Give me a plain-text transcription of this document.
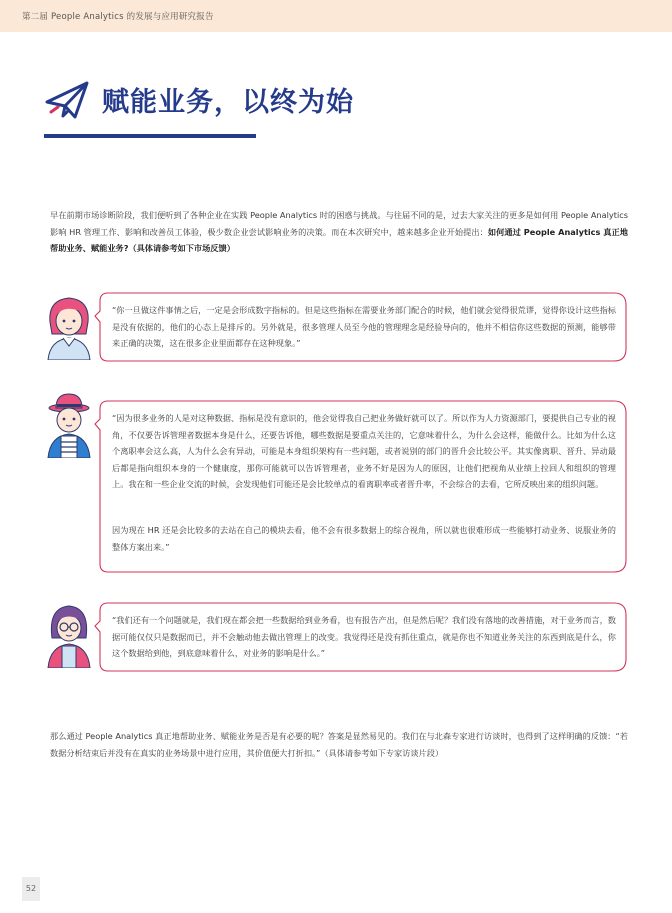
第二届 People Analytics 的发展与应用研究报告
赋能业务，以终为始
早在前期市场诊断阶段，我们便听到了各种企业在实践 People Analytics 时的困惑与挑战。与往届不同的是，过去大家关注的更多是如何用 People Analytics 影响 HR 管理工作、影响和改善员工体验，极少数企业尝试影响业务的决策。而在本次研究中，越来越多企业开始提出：如何通过 People Analytics 真正地帮助业务、赋能业务?（具体请参考如下市场反馈）
“你一旦做这件事情之后，一定是会形成数字指标的。但是这些指标在需要业务部门配合的时候，他们就会觉得很荒谬，觉得你设计这些指标是没有依据的，他们的心态上是排斥的。另外就是，很多管理人员至今他的管理理念是经验导向的，他并不相信你这些数据的预测，能够带来正确的决策，这在很多企业里面都存在这种现象。”
“因为很多业务的人是对这种数据、指标是没有意识的，他会觉得我自己把业务做好就可以了。所以作为人力资源部门，要提供自己专业的视角，不仅要告诉管理者数据本身是什么，还要告诉他，哪些数据是要重点关注的，它意味着什么，为什么会这样，能做什么。比如为什么这个离职率会这么高，人为什么会有异动，可能是本身组织架构有一些问题，或者说别的部门的晋升会比较公平。其实像离职、晋升、异动最后都是指向组织本身的一个健康度，那你可能就可以告诉管理者，业务不好是因为人的原因，让他们把视角从业绩上拉回人和组织的管理上。我在和一些企业交流的时候，会发现他们可能还是会比较单点的看离职率或者晋升率，不会综合的去看，它所反映出来的组织问题。
因为现在 HR 还是会比较多的去站在自己的模块去看，他不会有很多数据上的综合视角，所以就也很难形成一些能够打动业务、说服业务的整体方案出来。”
“我们还有一个问题就是，我们现在都会把一些数据给到业务看，也有报告产出，但是然后呢？我们没有落地的改善措施，对于业务而言，数据可能仅仅只是数据而已，并不会触动他去做出管理上的改变。我觉得还是没有抓住重点，就是你也不知道业务关注的东西到底是什么，你这个数据给到他，到底意味着什么，对业务的影响是什么。”
那么通过 People Analytics 真正地帮助业务、赋能业务是否是有必要的呢？答案是显然易见的。我们在与北森专家进行访谈时，也得到了这样明确的反馈：“若数据分析结束后并没有在真实的业务场景中进行应用，其价值便大打折扣。”（具体请参考如下专家访谈片段）
52
